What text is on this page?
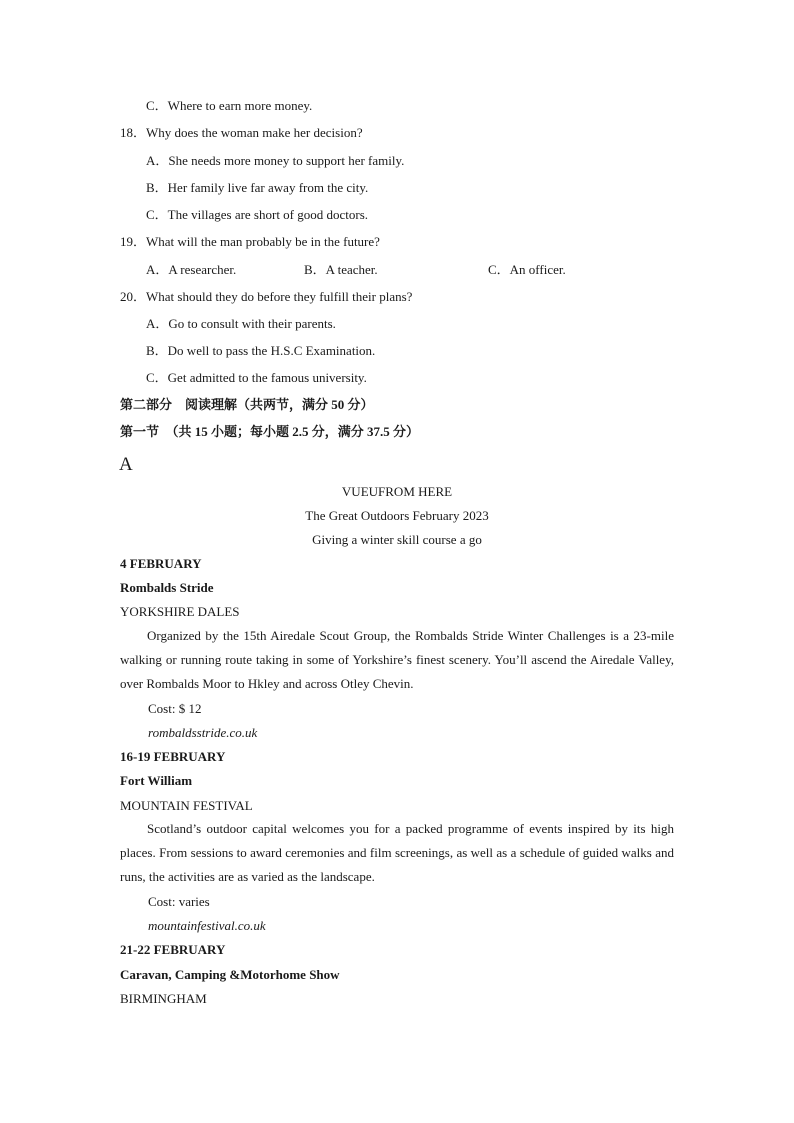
C．Where to earn more money.
18．Why does the woman make her decision?
A．She needs more money to support her family.
B．Her family live far away from the city.
C．The villages are short of good doctors.
19．What will the man probably be in the future?
A．A researcher.	B．A teacher.	C．An officer.
20．What should they do before they fulfill their plans?
A．Go to consult with their parents.
B．Do well to pass the H.S.C Examination.
C．Get admitted to the famous university.
第二部分　阅读理解（共两节，满分 50 分）
第一节　（共 15 小题；每小题 2.5 分，满分 37.5 分）
A
VUEUFROM HERE
The Great Outdoors February 2023
Giving a winter skill course a go
4 FEBRUARY
Rombalds Stride
YORKSHIRE DALES
Organized by the 15th Airedale Scout Group, the Rombalds Stride Winter Challenges is a 23-mile walking or running route taking in some of Yorkshire’s finest scenery. You’ll ascend the Airedale Valley, over Rombalds Moor to Hkley and across Otley Chevin.
Cost: $ 12
rombaldsstride.co.uk
16-19 FEBRUARY
Fort William
MOUNTAIN FESTIVAL
Scotland’s outdoor capital welcomes you for a packed programme of events inspired by its high places. From sessions to award ceremonies and film screenings, as well as a schedule of guided walks and runs, the activities are as varied as the landscape.
Cost: varies
mountainfestival.co.uk
21-22 FEBRUARY
Caravan, Camping &Motorhome Show
BIRMINGHAM
